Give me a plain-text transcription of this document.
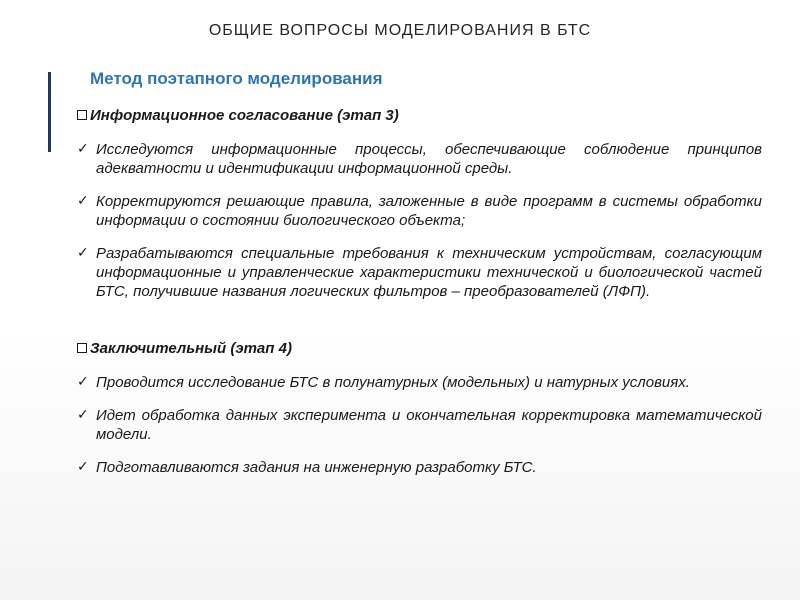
ОБЩИЕ ВОПРОСЫ МОДЕЛИРОВАНИЯ В БТС
Метод поэтапного моделирования
Информационное согласование (этап 3)
✓ Исследуются информационные процессы, обеспечивающие соблюдение принципов адекватности и идентификации информационной среды.
✓ Корректируются решающие правила, заложенные в виде программ в системы обработки информации о состоянии биологического объекта;
✓ Разрабатываются специальные требования к техническим устройствам, согласующим информационные и управленческие характеристики технической и биологической частей БТС, получившие названия логических фильтров – преобразователей (ЛФП).
Заключительный (этап 4)
✓ Проводится исследование БТС в полунатурных (модельных) и натурных условиях.
✓ Идет обработка данных эксперимента и окончательная корректировка математической модели.
✓ Подготавливаются задания на инженерную разработку БТС.
